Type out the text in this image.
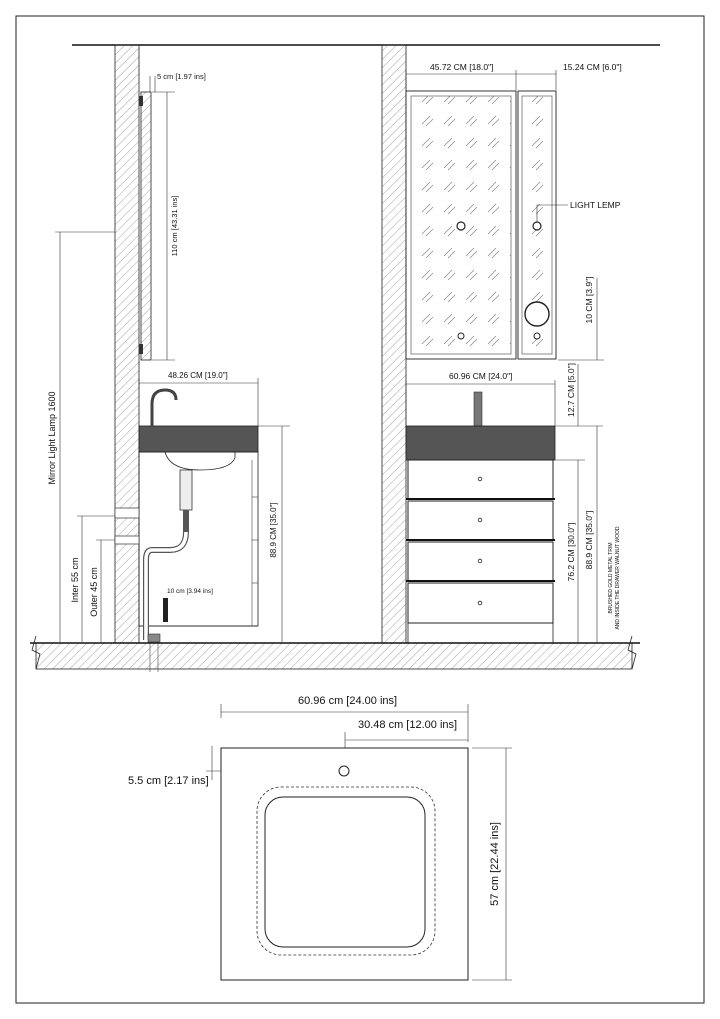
5 cm [1.97 ins]
110 cm [43.31 ins]
48.26 CM [19.0"]
88.9 CM [35.0"]
10 cm [3.94 ins]
Mirror Light Lamp 1600
Inter 55 cm Outer 45 cm
45.72 CM [18.0"]	15.24 CM [6.0"]
LIGHT LEMP
10 CM [3.9"]
60.96 CM [24.0"]	12.7 CM [5.0"]
76.2 CM [30.0"] 88.9 CM [35.0"]
BRUSHED GOLD METAL TRIM AND INSIDE THE DRAWER WALNUT WOOD
60.96 cm [24.00 ins]
30.48 cm [12.00 ins]
5.5 cm [2.17 ins]
57 cm [22.44 ins]
